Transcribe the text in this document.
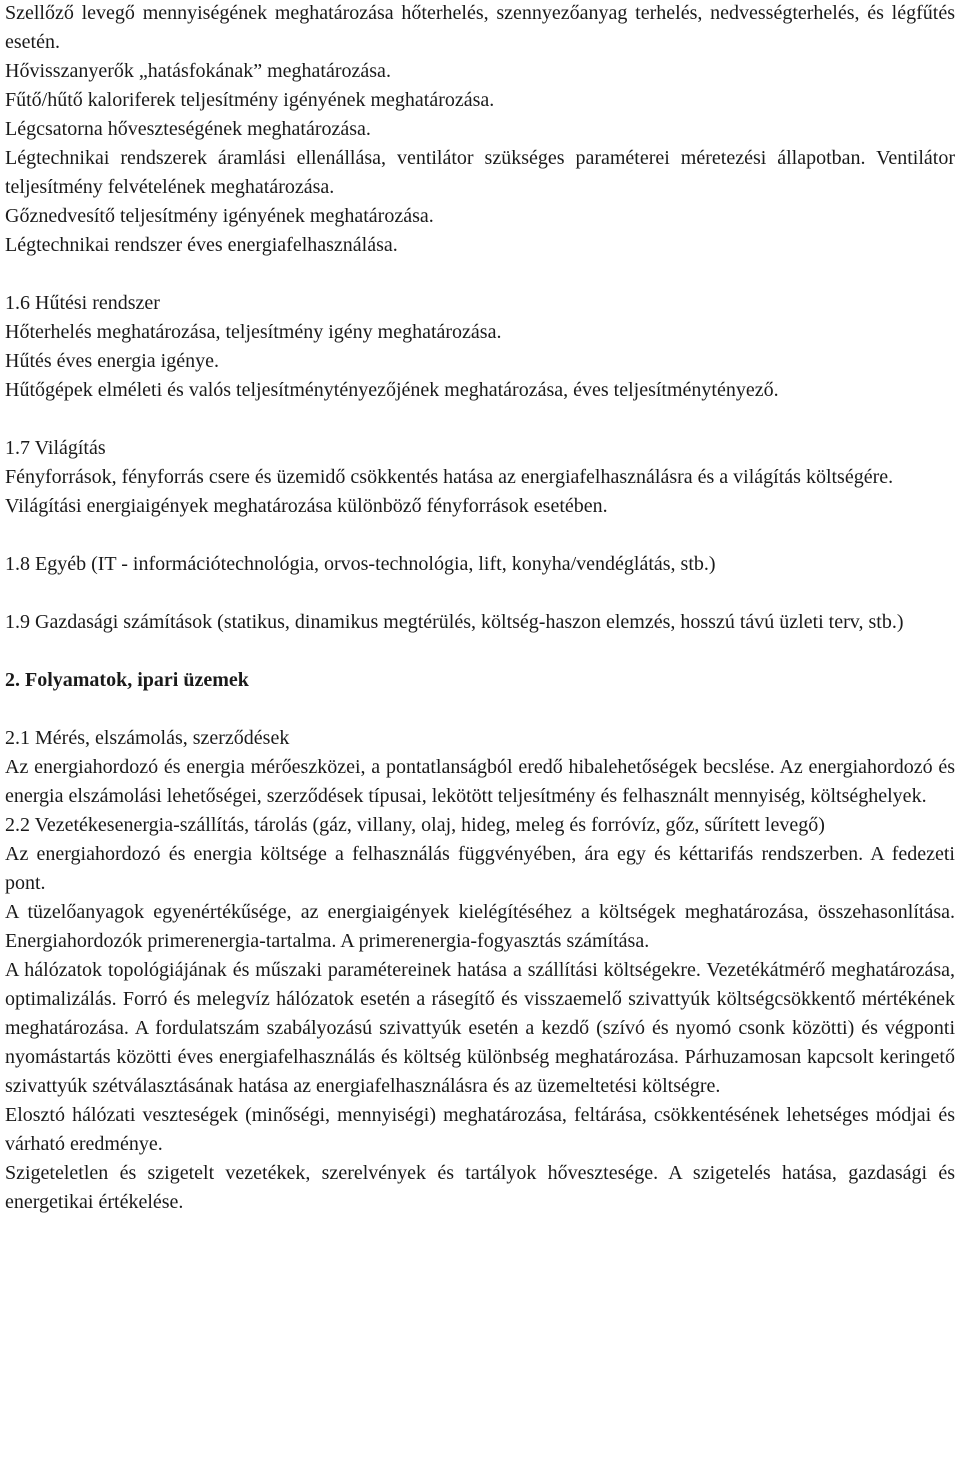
Szellőző levegő mennyiségének meghatározása hőterhelés, szennyezőanyag terhelés, nedvességterhelés, és légfűtés esetén.

Hővisszanyerők „hatásfokának” meghatározása.

Fűtő/hűtő kaloriferek teljesítmény igényének meghatározása.

Légcsatorna hőveszteségének meghatározása.

Légtechnikai rendszerek áramlási ellenállása, ventilátor szükséges paraméterei méretezési állapotban. Ventilátor teljesítmény felvételének meghatározása.

Gőznedvesítő teljesítmény igényének meghatározása.

Légtechnikai rendszer éves energiafelhasználása.

1.6 Hűtési rendszer

Hőterhelés meghatározása, teljesítmény igény meghatározása.

Hűtés éves energia igénye.

Hűtőgépek elméleti és valós teljesítménytényezőjének meghatározása, éves teljesítménytényező.

1.7 Világítás

Fényforrások, fényforrás csere és üzemidő csökkentés hatása az energiafelhasználásra és a világítás költségére.

Világítási energiaigények meghatározása különböző fényforrások esetében.

1.8 Egyéb (IT - információtechnológia, orvos-technológia, lift, konyha/vendéglátás, stb.)

1.9 Gazdasági számítások (statikus, dinamikus megtérülés, költség-haszon elemzés, hosszú távú üzleti terv, stb.)

2. Folyamatok, ipari üzemek

2.1 Mérés, elszámolás, szerződések

Az energiahordozó és energia mérőeszközei, a pontatlanságból eredő hibalehetőségek becslése. Az energiahordozó és energia elszámolási lehetőségei, szerződések típusai, lekötött teljesítmény és felhasznált mennyiség, költséghelyek.

2.2 Vezetékesenergia-szállítás, tárolás (gáz, villany, olaj, hideg, meleg és forróvíz, gőz, sűrített levegő)

Az energiahordozó és energia költsége a felhasználás függvényében, ára egy és kéttarifás rendszerben. A fedezeti pont.

A tüzelőanyagok egyenértékűsége, az energiaigények kielégítéséhez a költségek meghatározása, összehasonlítása. Energiahordozók primerenergia-tartalma. A primerenergia-fogyasztás számítása.

A hálózatok topológiájának és műszaki paramétereinek hatása a szállítási költségekre. Vezetékátmérő meghatározása, optimalizálás. Forró és melegvíz hálózatok esetén a rásegítő és visszaemelő szivattyúk költségcsökkentő mértékének meghatározása. A fordulatszám szabályozású szivattyúk esetén a kezdő (szívó és nyomó csonk közötti) és végponti nyomástartás közötti éves energiafelhasználás és költség különbség meghatározása. Párhuzamosan kapcsolt keringető szivattyúk szétválasztásának hatása az energiafelhasználásra és az üzemeltetési költségre.

Elosztó hálózati veszteségek (minőségi, mennyiségi) meghatározása, feltárása, csökkentésének lehetséges módjai és várható eredménye.

Szigeteletlen és szigetelt vezetékek, szerelvények és tartályok hővesztesége. A szigetelés hatása, gazdasági és energetikai értékelése.
